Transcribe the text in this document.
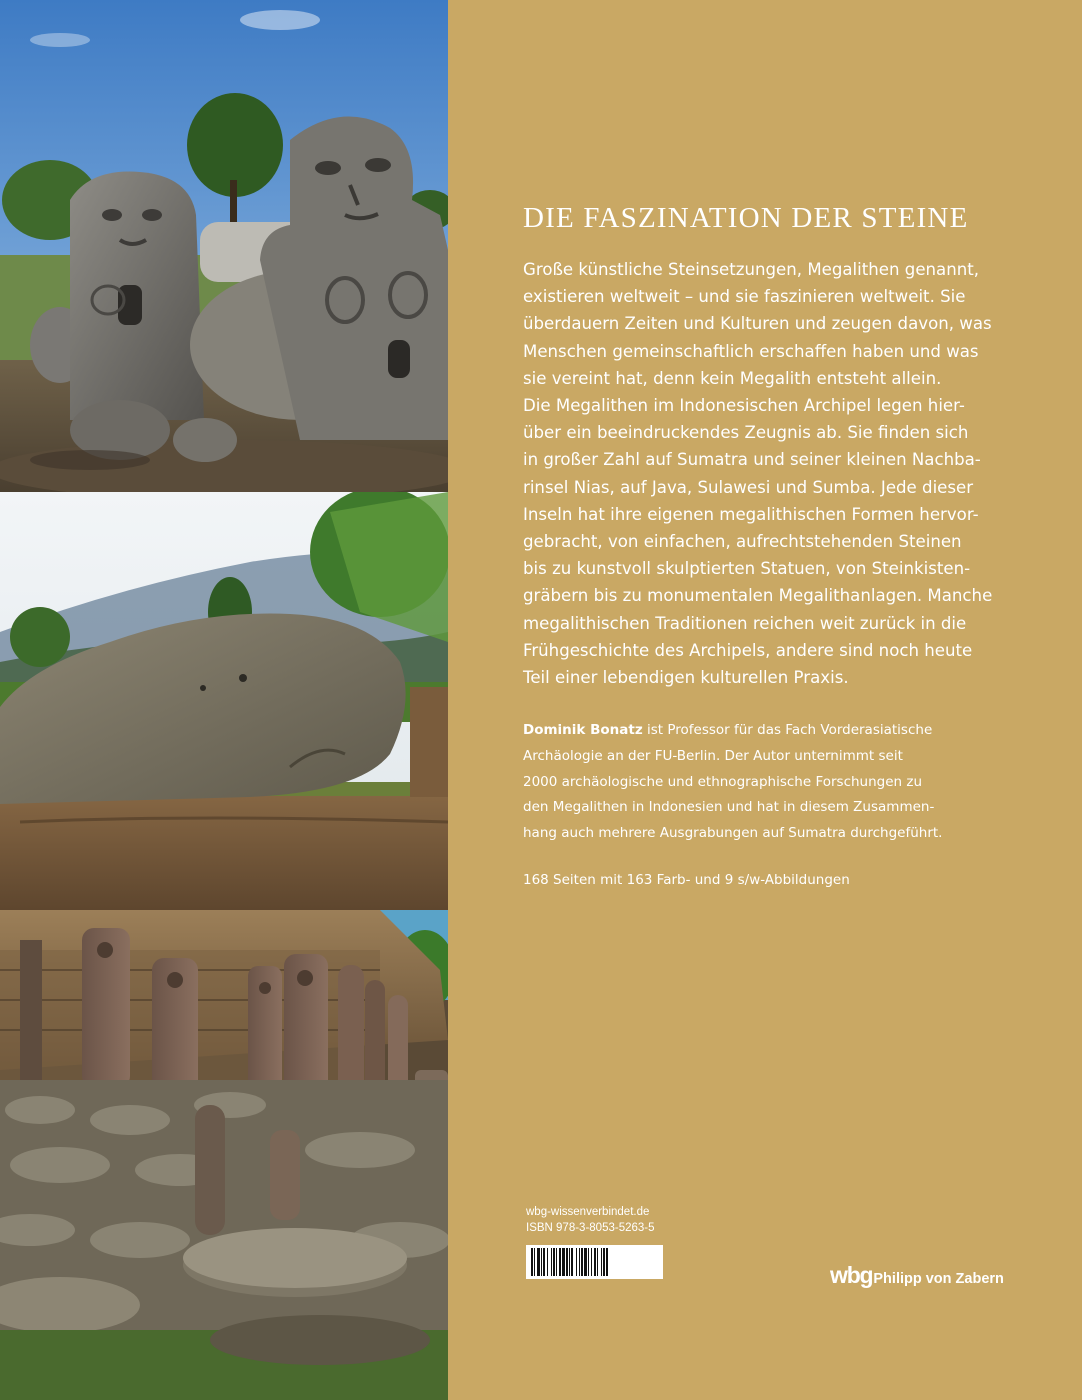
DIE FASZINATION DER STEINE
Große künstliche Steinsetzungen, Megalithen genannt,
existieren weltweit – und sie faszinieren weltweit. Sie
überdauern Zeiten und Kulturen und zeugen davon, was
Menschen gemeinschaftlich erschaffen haben und was
sie vereint hat, denn kein Megalith entsteht allein.
Die Megalithen im Indonesischen Archipel legen hier-
über ein beeindruckendes Zeugnis ab. Sie finden sich
in großer Zahl auf Sumatra und seiner kleinen Nachba-
rinsel Nias, auf Java, Sulawesi und Sumba. Jede dieser
Inseln hat ihre eigenen megalithischen Formen hervor-
gebracht, von einfachen, aufrechtstehenden Steinen
bis zu kunstvoll skulptierten Statuen, von Steinkisten-
gräbern bis zu monumentalen Megalithanlagen. Manche
megalithischen Traditionen reichen weit zurück in die
Frühgeschichte des Archipels, andere sind noch heute
Teil einer lebendigen kulturellen Praxis.
Dominik Bonatz ist Professor für das Fach Vorderasiatische
Archäologie an der FU-Berlin. Der Autor unternimmt seit
2000 archäologische und ethnographische Forschungen zu
den Megalithen in Indonesien und hat in diesem Zusammen-
hang auch mehrere Ausgrabungen auf Sumatra durchgeführt.
168 Seiten mit 163 Farb- und 9 s/w-Abbildungen
wbg-wissenverbindet.de
ISBN 978-3-8053-5263-5
wbgPhilipp von Zabern
